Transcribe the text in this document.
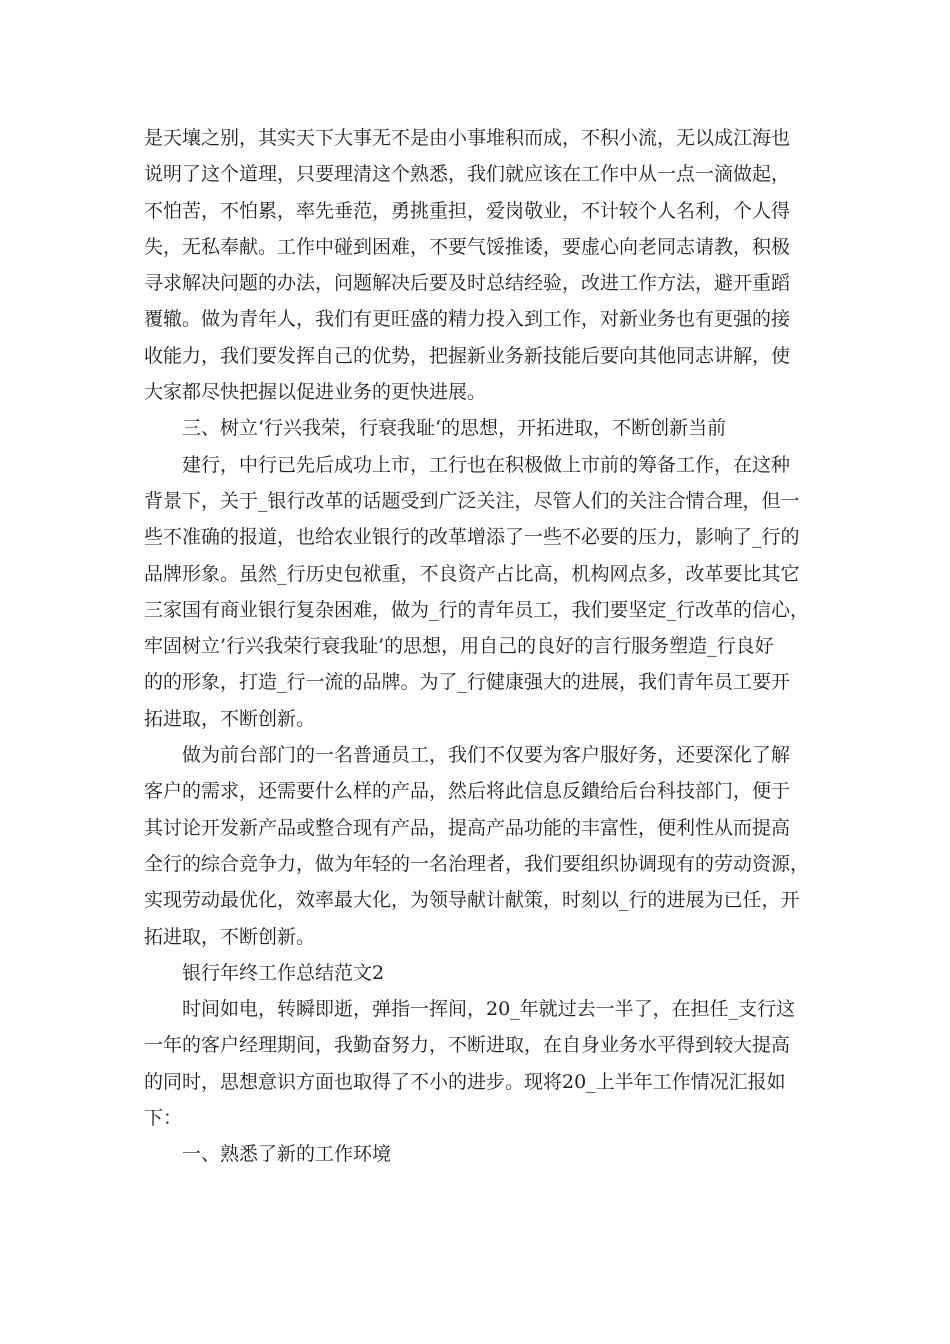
是天壤之别，其实天下大事无不是由小事堆积而成，不积小流，无以成江海也
说明了这个道理，只要理清这个熟悉，我们就应该在工作中从一点一滴做起，
不怕苦，不怕累，率先垂范，勇挑重担，爱岗敬业，不计较个人名利，个人得
失，无私奉献。工作中碰到困难，不要气馁推诿，要虚心向老同志请教，积极
寻求解决问题的办法，问题解决后要及时总结经验，改进工作方法，避开重蹈
覆辙。做为青年人，我们有更旺盛的精力投入到工作，对新业务也有更强的接
收能力，我们要发挥自己的优势，把握新业务新技能后要向其他同志讲解，使
大家都尽快把握以促进业务的更快进展。

三、树立‘行兴我荣，行衰我耻‘的思想，开拓进取，不断创新当前

建行，中行已先后成功上市，工行也在积极做上市前的筹备工作，在这种
背景下，关于_银行改革的话题受到广泛关注，尽管人们的关注合情合理，但一
些不准确的报道，也给农业银行的改革增添了一些不必要的压力，影响了_行的
品牌形象。虽然_行历史包袱重，不良资产占比高，机构网点多，改革要比其它
三家国有商业银行复杂困难，做为_行的青年员工，我们要坚定_行改革的信心，
牢固树立’行兴我荣行衰我耻’的思想，用自己的良好的言行服务塑造_行良好
的的形象，打造_行一流的品牌。为了_行健康强大的进展，我们青年员工要开
拓进取，不断创新。

做为前台部门的一名普通员工，我们不仅要为客户服好务，还要深化了解
客户的需求，还需要什么样的产品，然后将此信息反鐀给后台科技部门，便于
其讨论开发新产品或整合现有产品，提高产品功能的丰富性，便利性从而提高
全行的综合竞争力，做为年轻的一名治理者，我们要组织协调现有的劳动资源，
实现劳动最优化，效率最大化，为领导献计献策，时刻以_行的进展为已任，开
拓进取，不断创新。

银行年终工作总结范文2

时间如电，转瞬即逝，弹指一挥间，20_年就过去一半了，在担任_支行这
一年的客户经理期间，我勤奋努力，不断进取，在自身业务水平得到较大提高
的同时，思想意识方面也取得了不小的进步。现将20_上半年工作情况汇报如
下：

一、熟悉了新的工作环境
